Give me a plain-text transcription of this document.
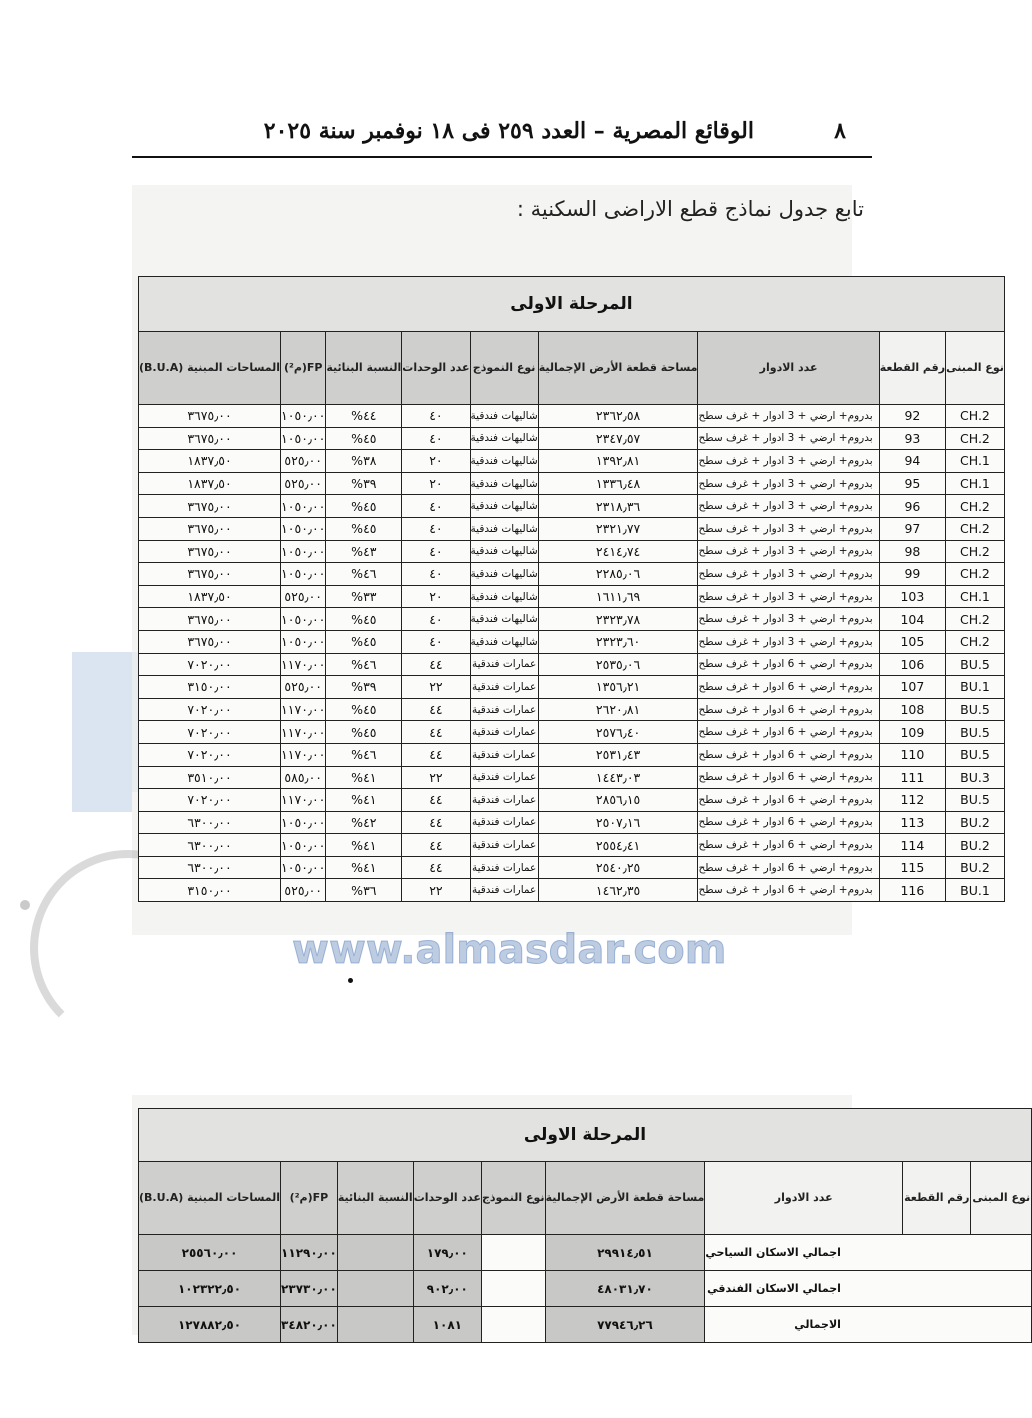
٨
الوقائع المصرية – العدد ٢٥٩ فى ١٨ نوفمبر سنة ٢٠٢٥
تابع جدول نماذج قطع الاراضى السكنية :
المرحلة الاولى								
نوع المبنى	رقم القطعة	عدد الادوار	مساحة قطعة الأرض الإجمالية	نوع النموذج	عدد الوحدات	النسبة البنائية	FP(م²)	المساحات المبنية (B.U.A)
CH.2	92	بدروم+ ارضي + 3 ادوار + غرف سطح	٢٣٦٢٫٥٨	شاليهات فندقية	٤٠	٤٤%	١٠٥٠٫٠٠	٣٦٧٥٫٠٠
CH.2	93	بدروم+ ارضي + 3 ادوار + غرف سطح	٢٣٤٧٫٥٧	شاليهات فندقية	٤٠	٤٥%	١٠٥٠٫٠٠	٣٦٧٥٫٠٠
CH.1	94	بدروم+ ارضي + 3 ادوار + غرف سطح	١٣٩٢٫٨١	شاليهات فندقية	٢٠	٣٨%	٥٢٥٫٠٠	١٨٣٧٫٥٠
CH.1	95	بدروم+ ارضي + 3 ادوار + غرف سطح	١٣٣٦٫٤٨	شاليهات فندقية	٢٠	٣٩%	٥٢٥٫٠٠	١٨٣٧٫٥٠
CH.2	96	بدروم+ ارضي + 3 ادوار + غرف سطح	٢٣١٨٫٣٦	شاليهات فندقية	٤٠	٤٥%	١٠٥٠٫٠٠	٣٦٧٥٫٠٠
CH.2	97	بدروم+ ارضي + 3 ادوار + غرف سطح	٢٣٢١٫٧٧	شاليهات فندقية	٤٠	٤٥%	١٠٥٠٫٠٠	٣٦٧٥٫٠٠
CH.2	98	بدروم+ ارضي + 3 ادوار + غرف سطح	٢٤١٤٫٧٤	شاليهات فندقية	٤٠	٤٣%	١٠٥٠٫٠٠	٣٦٧٥٫٠٠
CH.2	99	بدروم+ ارضي + 3 ادوار + غرف سطح	٢٢٨٥٫٠٦	شاليهات فندقية	٤٠	٤٦%	١٠٥٠٫٠٠	٣٦٧٥٫٠٠
CH.1	103	بدروم+ ارضي + 3 ادوار + غرف سطح	١٦١١٫٦٩	شاليهات فندقية	٢٠	٣٣%	٥٢٥٫٠٠	١٨٣٧٫٥٠
CH.2	104	بدروم+ ارضي + 3 ادوار + غرف سطح	٢٣٢٣٫٧٨	شاليهات فندقية	٤٠	٤٥%	١٠٥٠٫٠٠	٣٦٧٥٫٠٠
CH.2	105	بدروم+ ارضي + 3 ادوار + غرف سطح	٢٣٢٣٫٦٠	شاليهات فندقية	٤٠	٤٥%	١٠٥٠٫٠٠	٣٦٧٥٫٠٠
BU.5	106	بدروم+ ارضي + 6 ادوار + غرف سطح	٢٥٣٥٫٠٦	عمارات فندقية	٤٤	٤٦%	١١٧٠٫٠٠	٧٠٢٠٫٠٠
BU.1	107	بدروم+ ارضي + 6 ادوار + غرف سطح	١٣٥٦٫٢١	عمارات فندقية	٢٢	٣٩%	٥٢٥٫٠٠	٣١٥٠٫٠٠
BU.5	108	بدروم+ ارضي + 6 ادوار + غرف سطح	٢٦٢٠٫٨١	عمارات فندقية	٤٤	٤٥%	١١٧٠٫٠٠	٧٠٢٠٫٠٠
BU.5	109	بدروم+ ارضي + 6 ادوار + غرف سطح	٢٥٧٦٫٤٠	عمارات فندقية	٤٤	٤٥%	١١٧٠٫٠٠	٧٠٢٠٫٠٠
BU.5	110	بدروم+ ارضي + 6 ادوار + غرف سطح	٢٥٣١٫٤٣	عمارات فندقية	٤٤	٤٦%	١١٧٠٫٠٠	٧٠٢٠٫٠٠
BU.3	111	بدروم+ ارضي + 6 ادوار + غرف سطح	١٤٤٣٫٠٣	عمارات فندقية	٢٢	٤١%	٥٨٥٫٠٠	٣٥١٠٫٠٠
BU.5	112	بدروم+ ارضي + 6 ادوار + غرف سطح	٢٨٥٦٫١٥	عمارات فندقية	٤٤	٤١%	١١٧٠٫٠٠	٧٠٢٠٫٠٠
BU.2	113	بدروم+ ارضي + 6 ادوار + غرف سطح	٢٥٠٧٫١٦	عمارات فندقية	٤٤	٤٢%	١٠٥٠٫٠٠	٦٣٠٠٫٠٠
BU.2	114	بدروم+ ارضي + 6 ادوار + غرف سطح	٢٥٥٤٫٤١	عمارات فندقية	٤٤	٤١%	١٠٥٠٫٠٠	٦٣٠٠٫٠٠
BU.2	115	بدروم+ ارضي + 6 ادوار + غرف سطح	٢٥٤٠٫٢٥	عمارات فندقية	٤٤	٤١%	١٠٥٠٫٠٠	٦٣٠٠٫٠٠
BU.1	116	بدروم+ ارضي + 6 ادوار + غرف سطح	١٤٦٢٫٣٥	عمارات فندقية	٢٢	٣٦%	٥٢٥٫٠٠	٣١٥٠٫٠٠
www.almasdar.com
المرحلة الاولى								
نوع المبنى	رقم القطعة	عدد الادوار	مساحة قطعة الأرض الإجمالية	نوع النموذج	عدد الوحدات	النسبة البنائية	FP(م²)	المساحات المبنية (B.U.A)
اجمالي الاسكان السياحي			٢٩٩١٤٫٥١		١٧٩٫٠٠		١١٢٩٠٫٠٠	٢٥٥٦٠٫٠٠
اجمالي الاسكان الفندقي			٤٨٠٣١٫٧٠		٩٠٢٫٠٠		٢٣٧٣٠٫٠٠	١٠٢٣٢٢٫٥٠
الاجمالي			٧٧٩٤٦٫٢٦		١٠٨١		٣٤٨٢٠٫٠٠	١٢٧٨٨٢٫٥٠
